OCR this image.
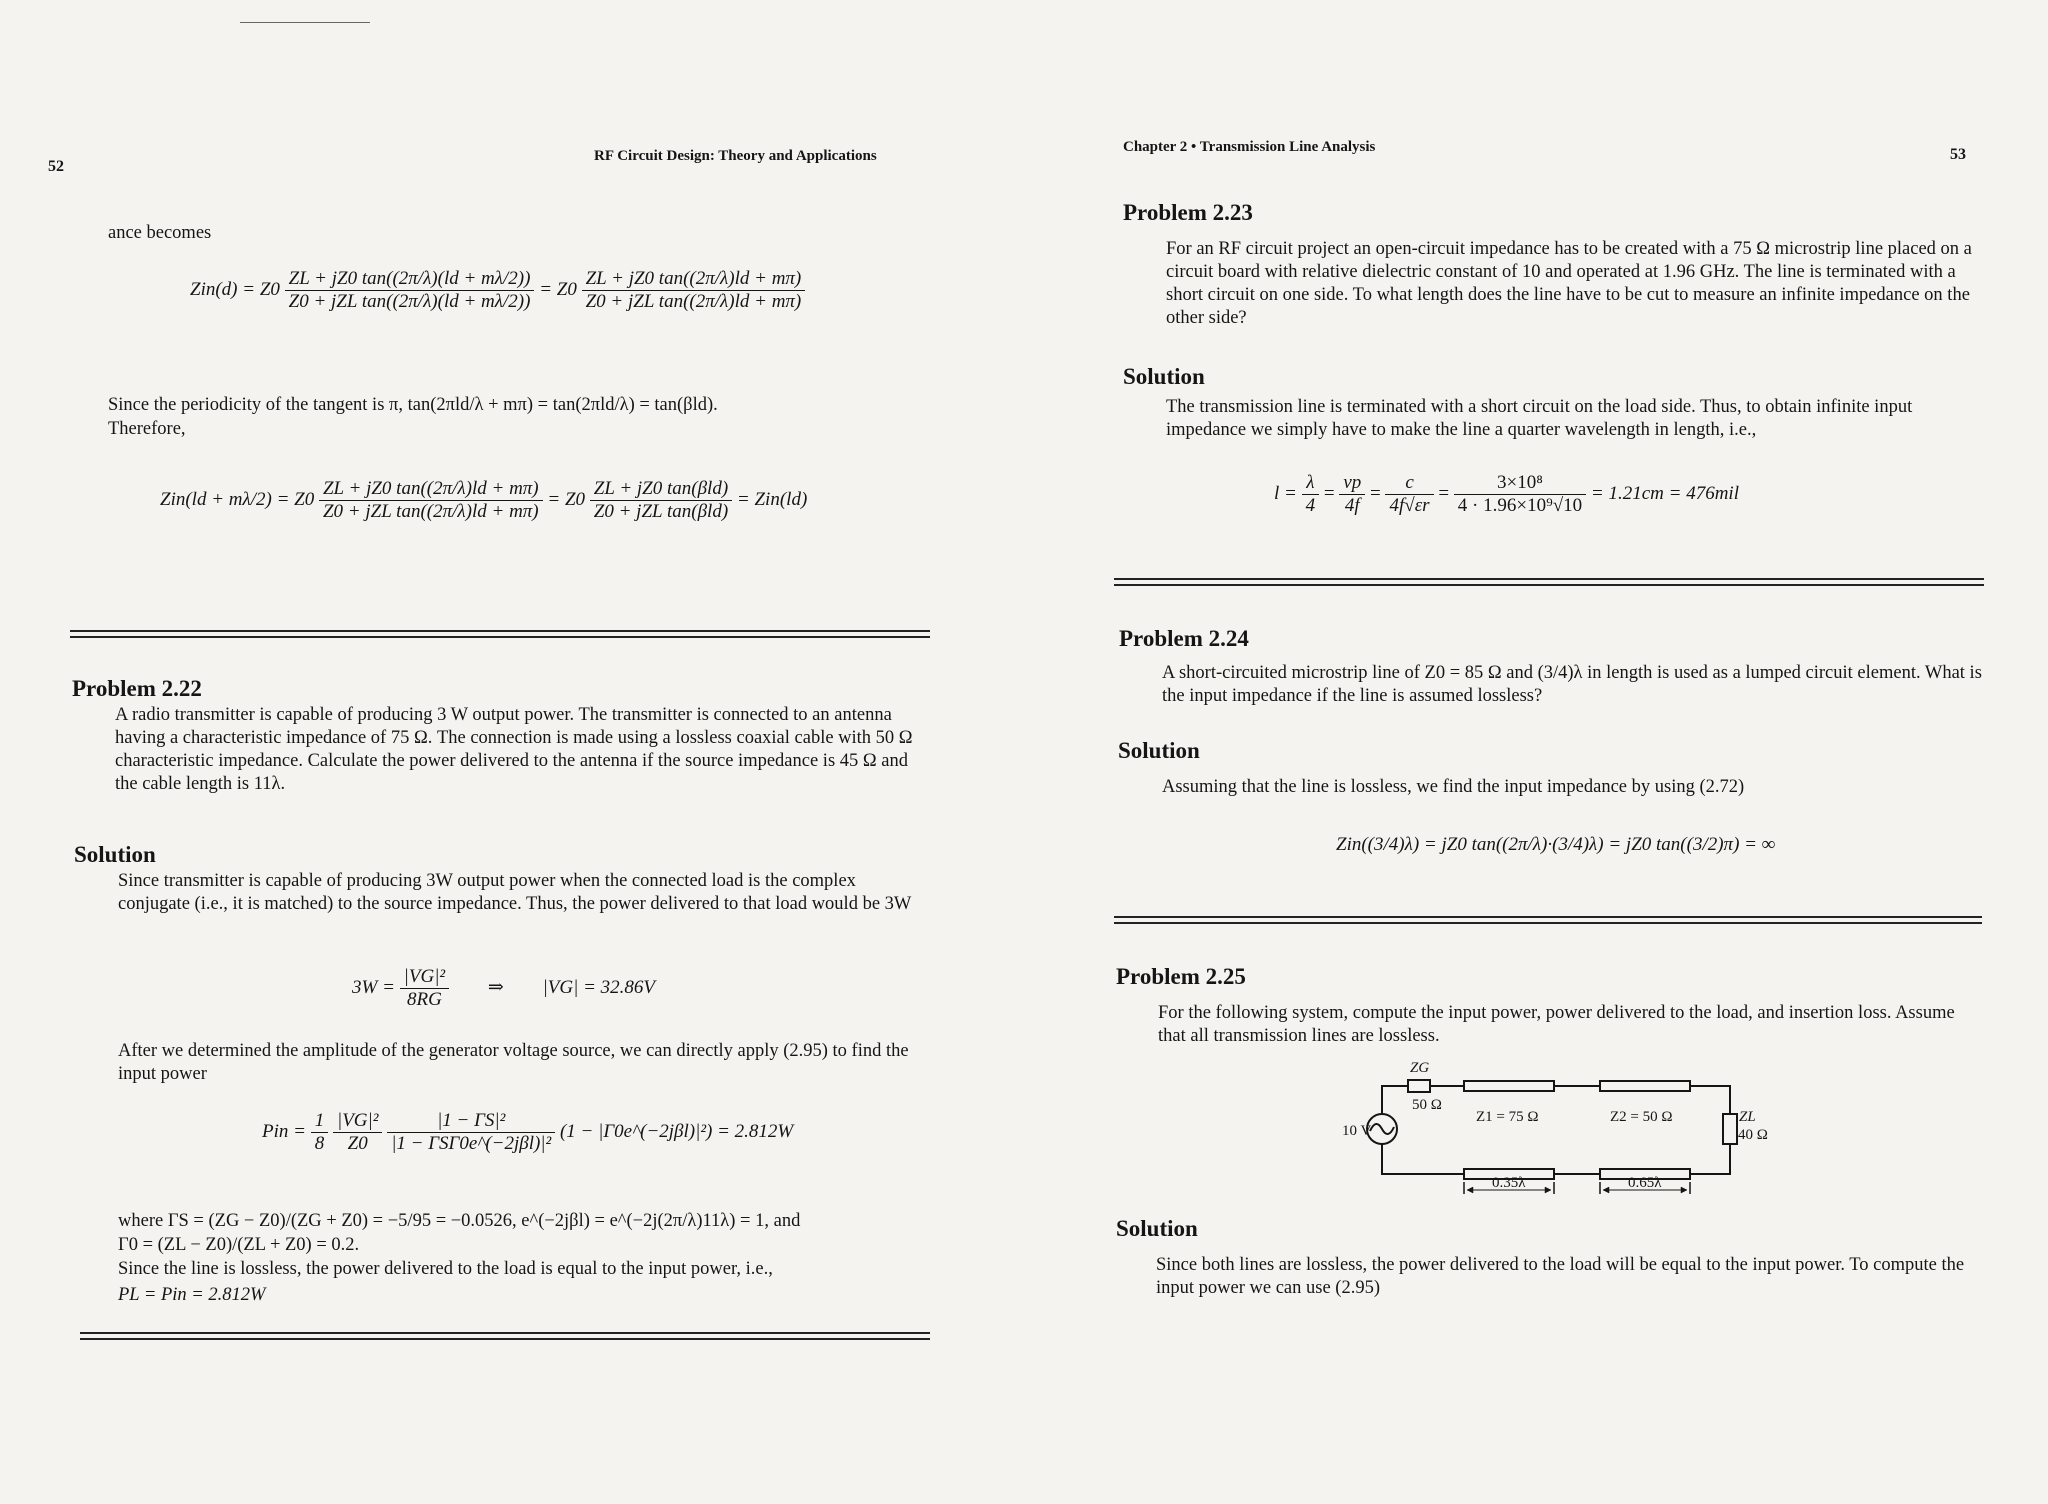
52
RF Circuit Design: Theory and Applications
ance becomes
$Zin(d) = Z0 \frac{ZL + jZ0 \tan((2\pi/\lambda)(ld + m\lambda/2))}{\text{Z0 + jZL tan((2π/λ)(ld + mλ/2))}} = Z0 \frac{ZL + jZ0 \tan((2\pi/\lambda)ld + m\pi)}{\text{Z0 + jZL tan((2π/λ)ld + mπ)}}$
Since the periodicity of the tangent is π, tan(2πld/λ + mπ) = tan(2πld/λ) = tan(βld).
Therefore,
$Zin(ld + m\lambda/2) = Z0 \frac{ZL + jZ0 \tan((2\pi/\lambda)ld + m\pi)}{\text{Z0 + jZL tan((2π/λ)ld + mπ)}} = Z0 \frac{\text{ZL + jZ0 tan(βld)}}{\text{Z0 + jZL tan(βld)}} = Zin(ld)$
Problem 2.22
A radio transmitter is capable of producing 3 W output power. The transmitter is connected to an antenna having a characteristic impedance of 75 Ω. The connection is made using a lossless coaxial cable with 50 Ω characteristic impedance. Calculate the power delivered to the antenna if the source impedance is 45 Ω and the cable length is 11λ.
Solution
Since transmitter is capable of producing 3W output power when the connected load is the complex conjugate (i.e., it is matched) to the source impedance. Thus, the power delivered to that load would be 3W
$3W = \frac{\text{|VG|²}}{8RG}$ ⇒ |VG| = 32.86V
After we determined the amplitude of the generator voltage source, we can directly apply (2.95) to find the input power
Pin = $\frac{1}{8}$
$\frac{\text{|VG|²}}{Z0}$
$\frac{\text{|1 − ΓS|²}}{\text{|1 − ΓSΓ0e\textasciicircum{}(−2jβl)|²}} (1$ − |Γ0e^(−2jβl)|²) = 2.812W
where ΓS = (ZG − Z0)/(ZG + Z0) = −5/95 = −0.0526, e^(−2jβl) = e^(−2j(2π/λ)11λ) = 1, and
Γ0 = (ZL − Z0)/(ZL + Z0) = 0.2.
Since the line is lossless, the power delivered to the load is equal to the input power, i.e.,
PL = Pin = 2.812W
Chapter 2 • Transmission Line Analysis	53
Problem 2.23
For an RF circuit project an open-circuit impedance has to be created with a 75 Ω microstrip line placed on a circuit board with relative dielectric constant of 10 and operated at 1.96 GHz. The line is terminated with a short circuit on one side. To what length does the line have to be cut to measure an infinite impedance on the other side?
Solution
The transmission line is terminated with a short circuit on the load side. Thus, to obtain infinite input impedance we simply have to make the line a quarter wavelength in length, i.e.,
$l = \frac{\lambda}{4} = \frac{vp}{4f} = \frac{c}{4f√\varepsilon r} = \frac{\text{3×10⁸}}{\text{4 · 1.96×10⁹√10}} = 1.21cm = 476mil$
Problem 2.24
A short-circuited microstrip line of Z0 = 85 Ω and (3/4)λ in length is used as a lumped circuit element. What is the input impedance if the line is assumed lossless?
Solution
Assuming that the line is lossless, we find the input impedance by using (2.72)
Zin((3/4)λ) = jZ0 tan((2π/λ)·(3/4)λ) = jZ0 tan((3/2)π) = ∞
Problem 2.25
For the following system, compute the input power, power delivered to the load, and insertion loss. Assume that all transmission lines are lossless.
ZG
50 Ω
10 V
Z1 = 75 Ω	Z2 = 50 Ω	ZL
40 Ω
0.35λ	0.65λ
Solution
Since both lines are lossless, the power delivered to the load will be equal to the input power. To compute the input power we can use (2.95)
